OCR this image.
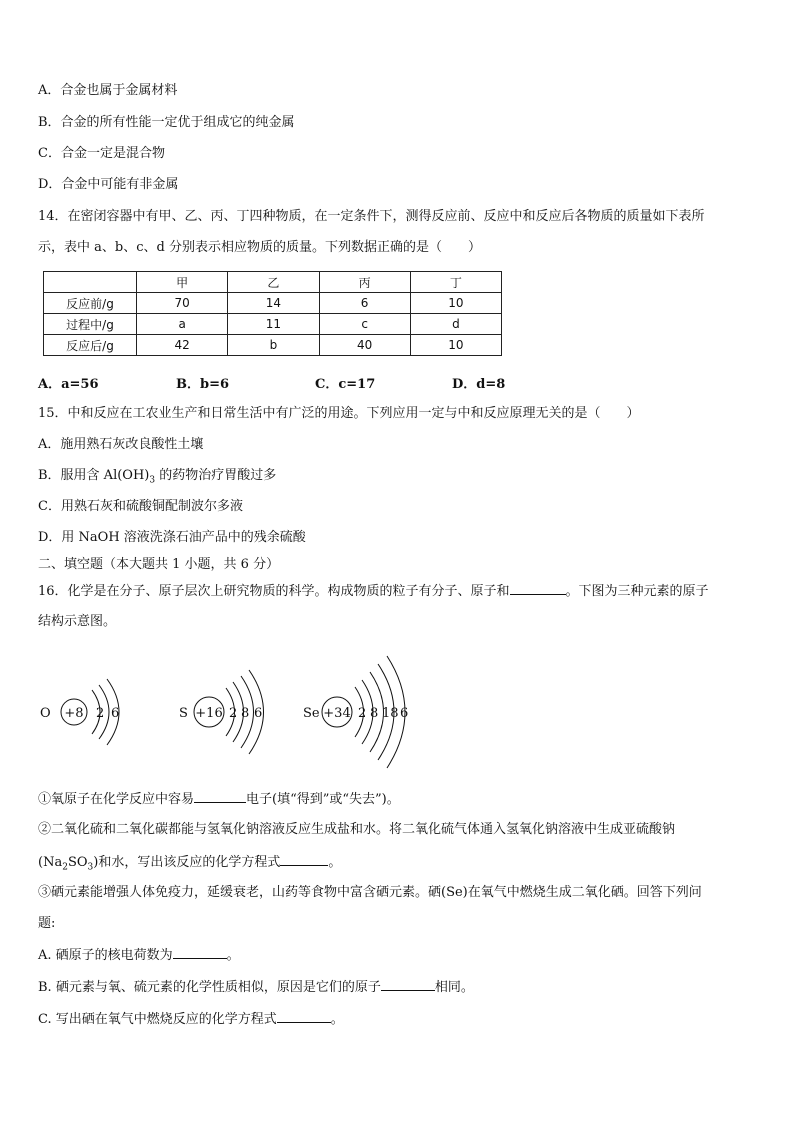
A．合金也属于金属材料
B．合金的所有性能一定优于组成它的纯金属
C．合金一定是混合物
D．合金中可能有非金属
14．在密闭容器中有甲、乙、丙、丁四种物质，在一定条件下，测得反应前、反应中和反应后各物质的质量如下表所
示，表中 a、b、c、d 分别表示相应物质的质量。下列数据正确的是（　　）
	甲	乙	丙	丁
反应前/g	70	14	6	10
过程中/g	a	11	c	d
反应后/g	42	b	40	10
A．a=56	B．b=6	C．c=17	D．d=8
15．中和反应在工农业生产和日常生活中有广泛的用途。下列应用一定与中和反应原理无关的是（　　）
A．施用熟石灰改良酸性土壤
B．服用含 $Al(OH)_3$ 的药物治疗胃酸过多
C．用熟石灰和硫酸铜配制波尔多液
D．用 NaOH 溶液洗涤石油产品中的残余硫酸
二、填空题（本大题共 1 小题，共 6 分）
16．化学是在分子、原子层次上研究物质的科学。构成物质的粒子有分子、原子和	。下图为三种元素的原子
结构示意图。
O +8 2 6	S +16 2 8 6	Se +34 2 8 18 6
①氧原子在化学反应中容易	电子(填“得到”或“失去”)。
②二氧化硫和二氧化碳都能与氢氧化钠溶液反应生成盐和水。将二氧化硫气体通入氢氧化钠溶液中生成亚硫酸钠
$(Na_2SO_3)$和水，写出该反应的化学方程式	。
③硒元素能增强人体免疫力，延缓衰老，山药等食物中富含硒元素。硒(Se)在氧气中燃烧生成二氧化硒。回答下列问
题:
A. 硒原子的核电荷数为	。
B. 硒元素与氧、硫元素的化学性质相似，原因是它们的原子	相同。
C. 写出硒在氧气中燃烧反应的化学方程式	。
